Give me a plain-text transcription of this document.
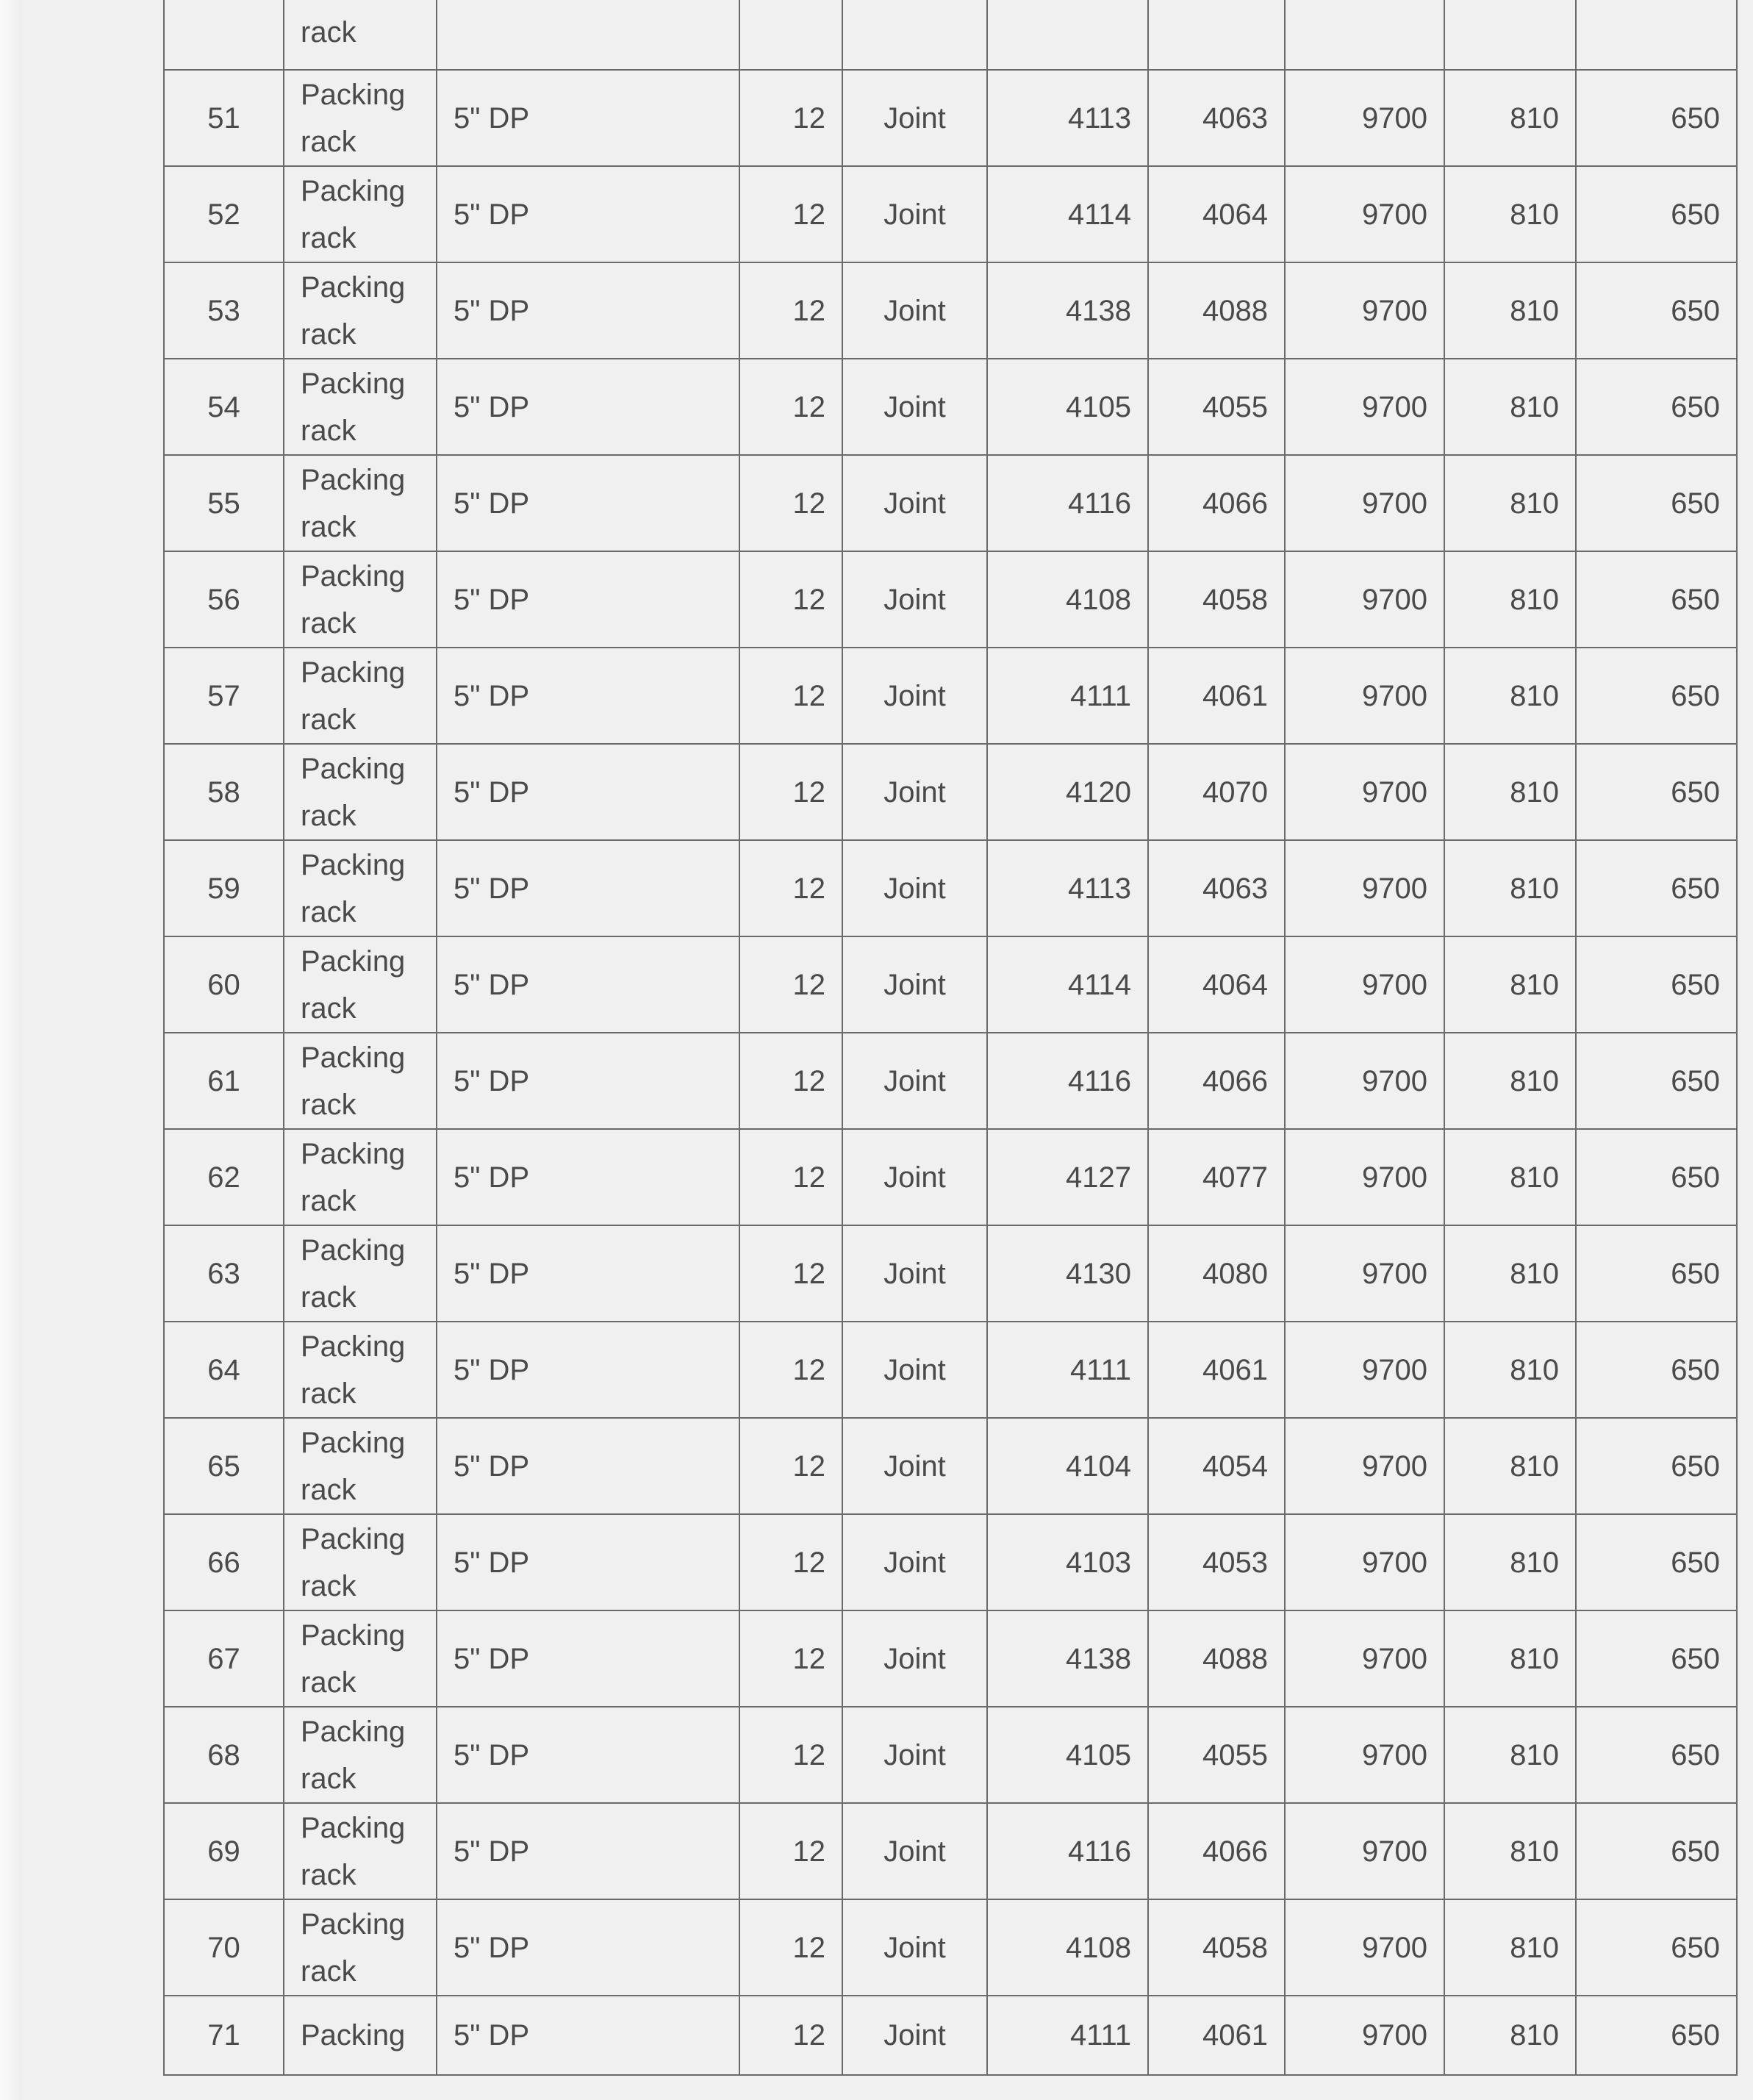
	rack								
51	Packing rack	5" DP	12	Joint	4113	4063	9700	810	650
52	Packing rack	5" DP	12	Joint	4114	4064	9700	810	650
53	Packing rack	5" DP	12	Joint	4138	4088	9700	810	650
54	Packing rack	5" DP	12	Joint	4105	4055	9700	810	650
55	Packing rack	5" DP	12	Joint	4116	4066	9700	810	650
56	Packing rack	5" DP	12	Joint	4108	4058	9700	810	650
57	Packing rack	5" DP	12	Joint	4111	4061	9700	810	650
58	Packing rack	5" DP	12	Joint	4120	4070	9700	810	650
59	Packing rack	5" DP	12	Joint	4113	4063	9700	810	650
60	Packing rack	5" DP	12	Joint	4114	4064	9700	810	650
61	Packing rack	5" DP	12	Joint	4116	4066	9700	810	650
62	Packing rack	5" DP	12	Joint	4127	4077	9700	810	650
63	Packing rack	5" DP	12	Joint	4130	4080	9700	810	650
64	Packing rack	5" DP	12	Joint	4111	4061	9700	810	650
65	Packing rack	5" DP	12	Joint	4104	4054	9700	810	650
66	Packing rack	5" DP	12	Joint	4103	4053	9700	810	650
67	Packing rack	5" DP	12	Joint	4138	4088	9700	810	650
68	Packing rack	5" DP	12	Joint	4105	4055	9700	810	650
69	Packing rack	5" DP	12	Joint	4116	4066	9700	810	650
70	Packing rack	5" DP	12	Joint	4108	4058	9700	810	650
71	Packing	5" DP	12	Joint	4111	4061	9700	810	650
